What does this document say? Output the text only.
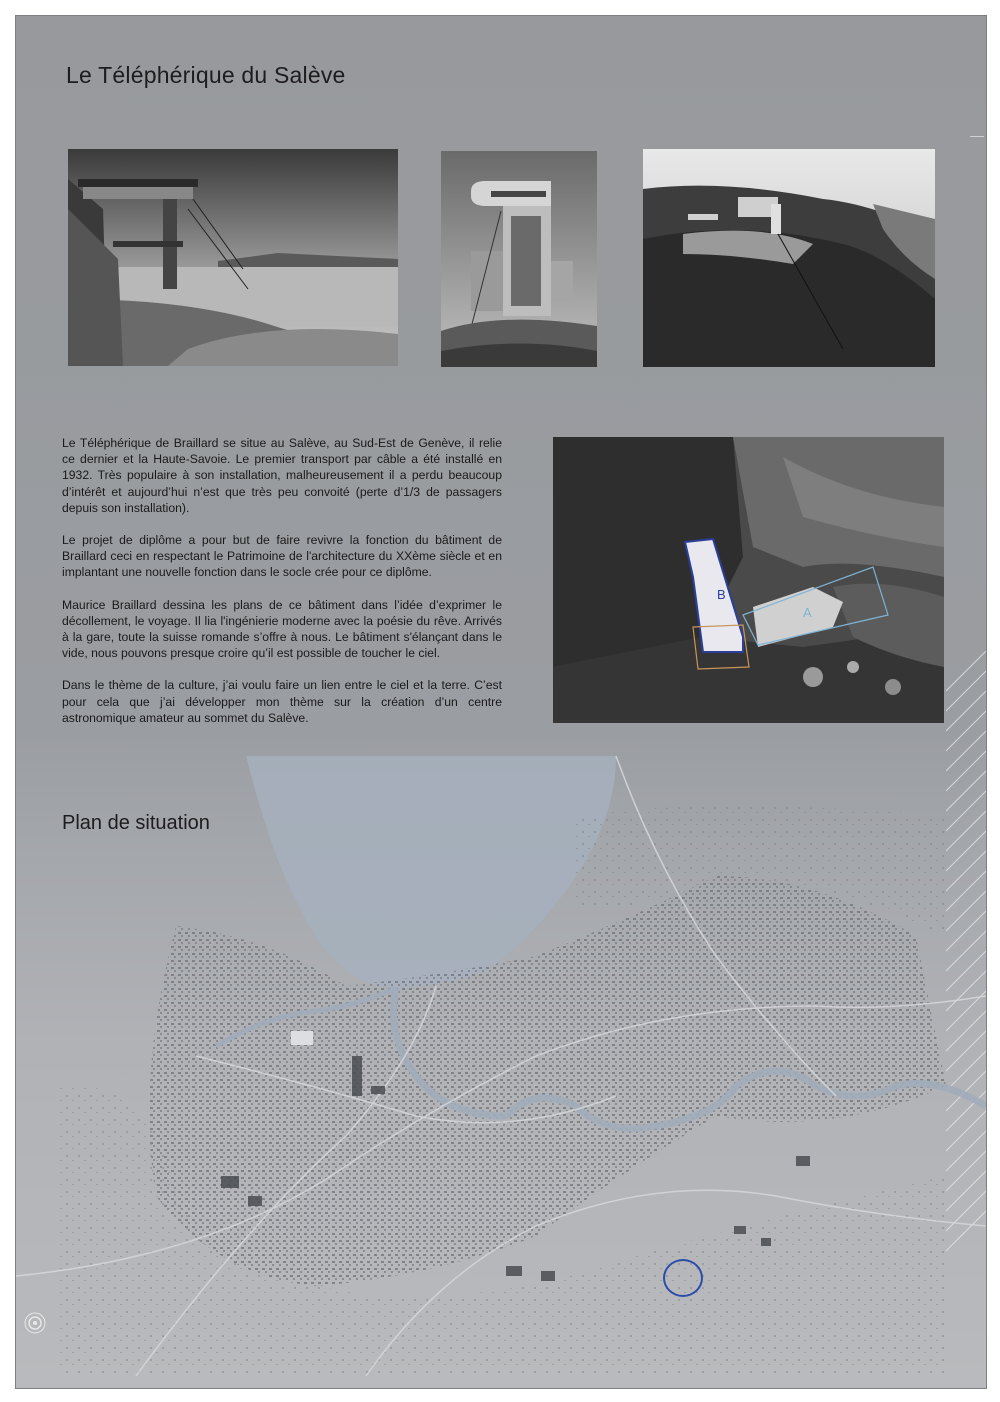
Le Téléphérique du Salève

Le Téléphérique de Braillard se situe au Salève, au Sud-Est de Genève, il relie ce dernier et la Haute-Savoie. Le premier transport par câble a été installé en 1932. Très populaire à son installation, malheureusement il a perdu beaucoup d’intérêt et aujourd’hui n’est que très peu convoité (perte d’1/3 de passagers depuis son installation).

Le projet de diplôme a pour but de faire revivre la fonction du bâtiment de Braillard ceci en respectant le Patrimoine de l'architecture du XXème siècle et en implantant une nouvelle fonction dans le socle crée pour ce diplôme.

Maurice Braillard dessina les plans de ce bâtiment dans l’idée d’exprimer le décollement, le voyage. Il lia l'ingénierie moderne avec la poésie du rêve. Arrivés à la gare, toute la suisse romande s’offre à nous. Le bâtiment s'élançant dans le vide, nous pouvons presque croire qu’il est possible de toucher le ciel.

Dans le thème de la culture, j’ai voulu faire un lien entre le ciel et la terre. C’est pour cela que j’ai développer mon thème sur la création d’un centre astronomique amateur au sommet du Salève.

B
A
Plan de situation
